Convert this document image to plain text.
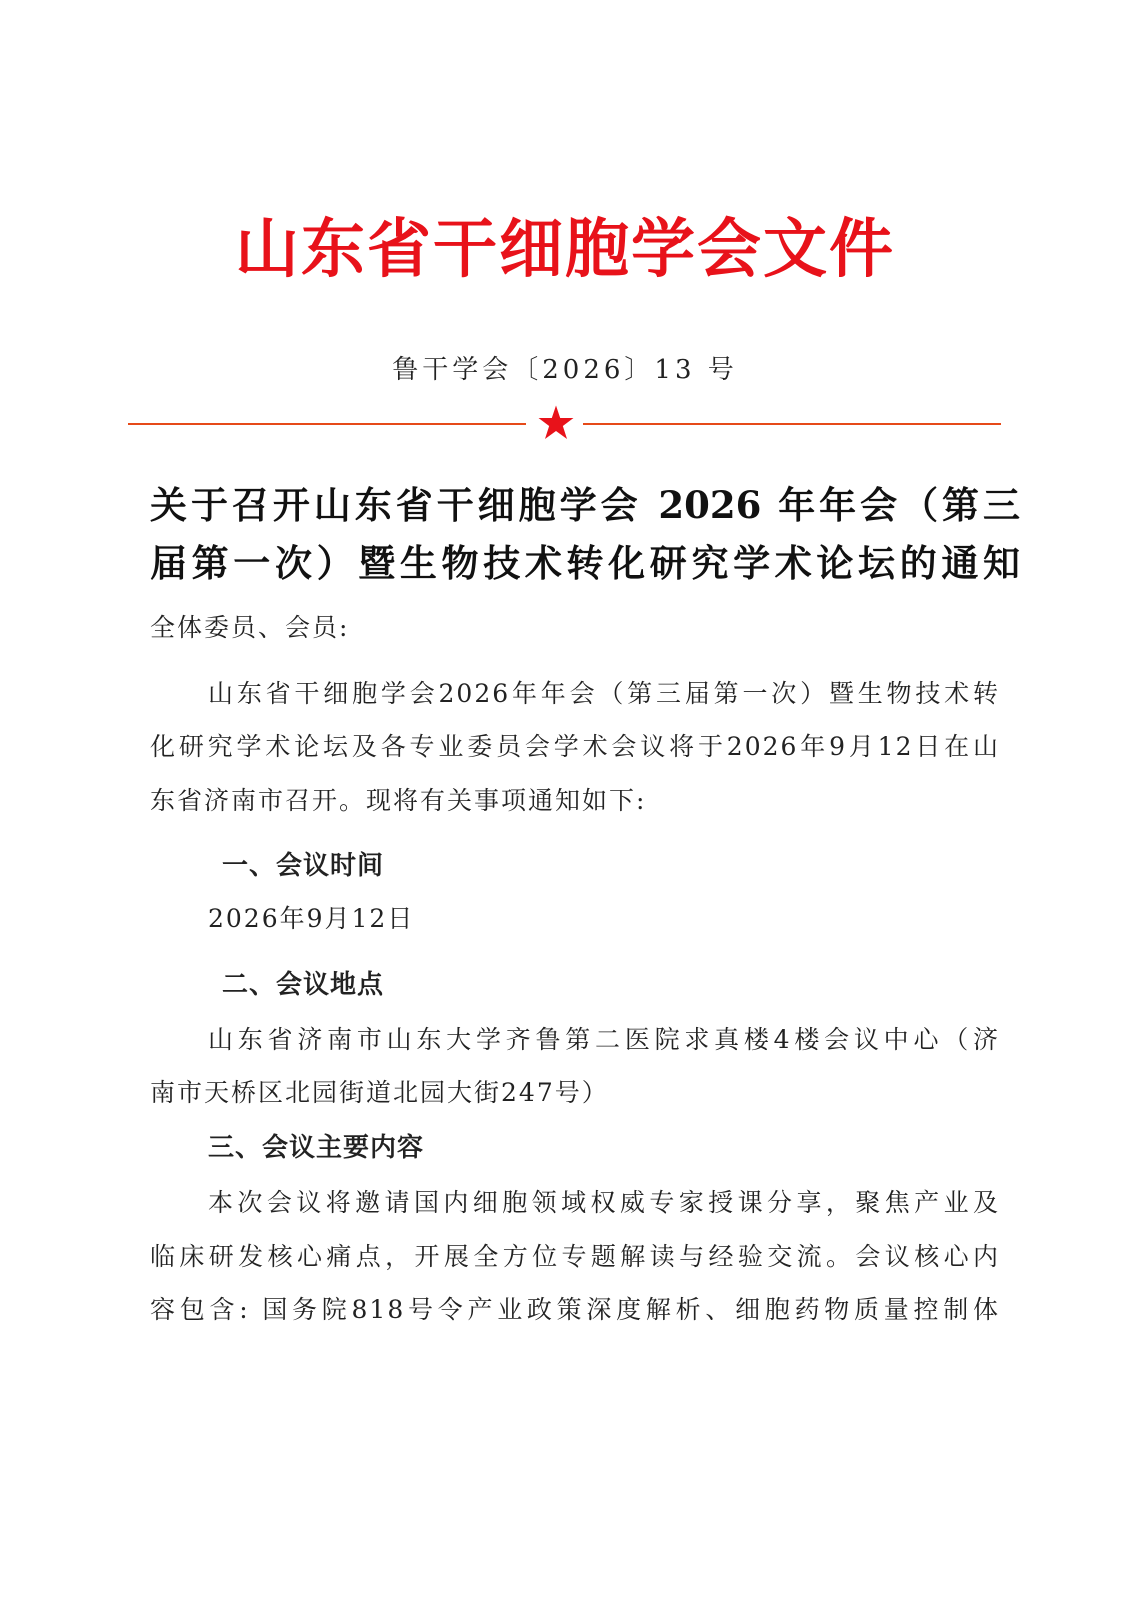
山东省干细胞学会文件
鲁干学会〔2026〕13 号
关于召开山东省干细胞学会 2026 年年会（第三
届第一次）暨生物技术转化研究学术论坛的通知
全体委员、会员:
山东省干细胞学会2026年年会（第三届第一次）暨生物技术转
化研究学术论坛及各专业委员会学术会议将于2026年9月12日在山
东省济南市召开。现将有关事项通知如下:
一、会议时间
2026年9月12日
二、会议地点
山东省济南市山东大学齐鲁第二医院求真楼4楼会议中心（济
南市天桥区北园街道北园大街247号）
三、会议主要内容
本次会议将邀请国内细胞领域权威专家授课分享，聚焦产业及
临床研发核心痛点，开展全方位专题解读与经验交流。会议核心内
容包含: 国务院818号令产业政策深度解析、细胞药物质量控制体
